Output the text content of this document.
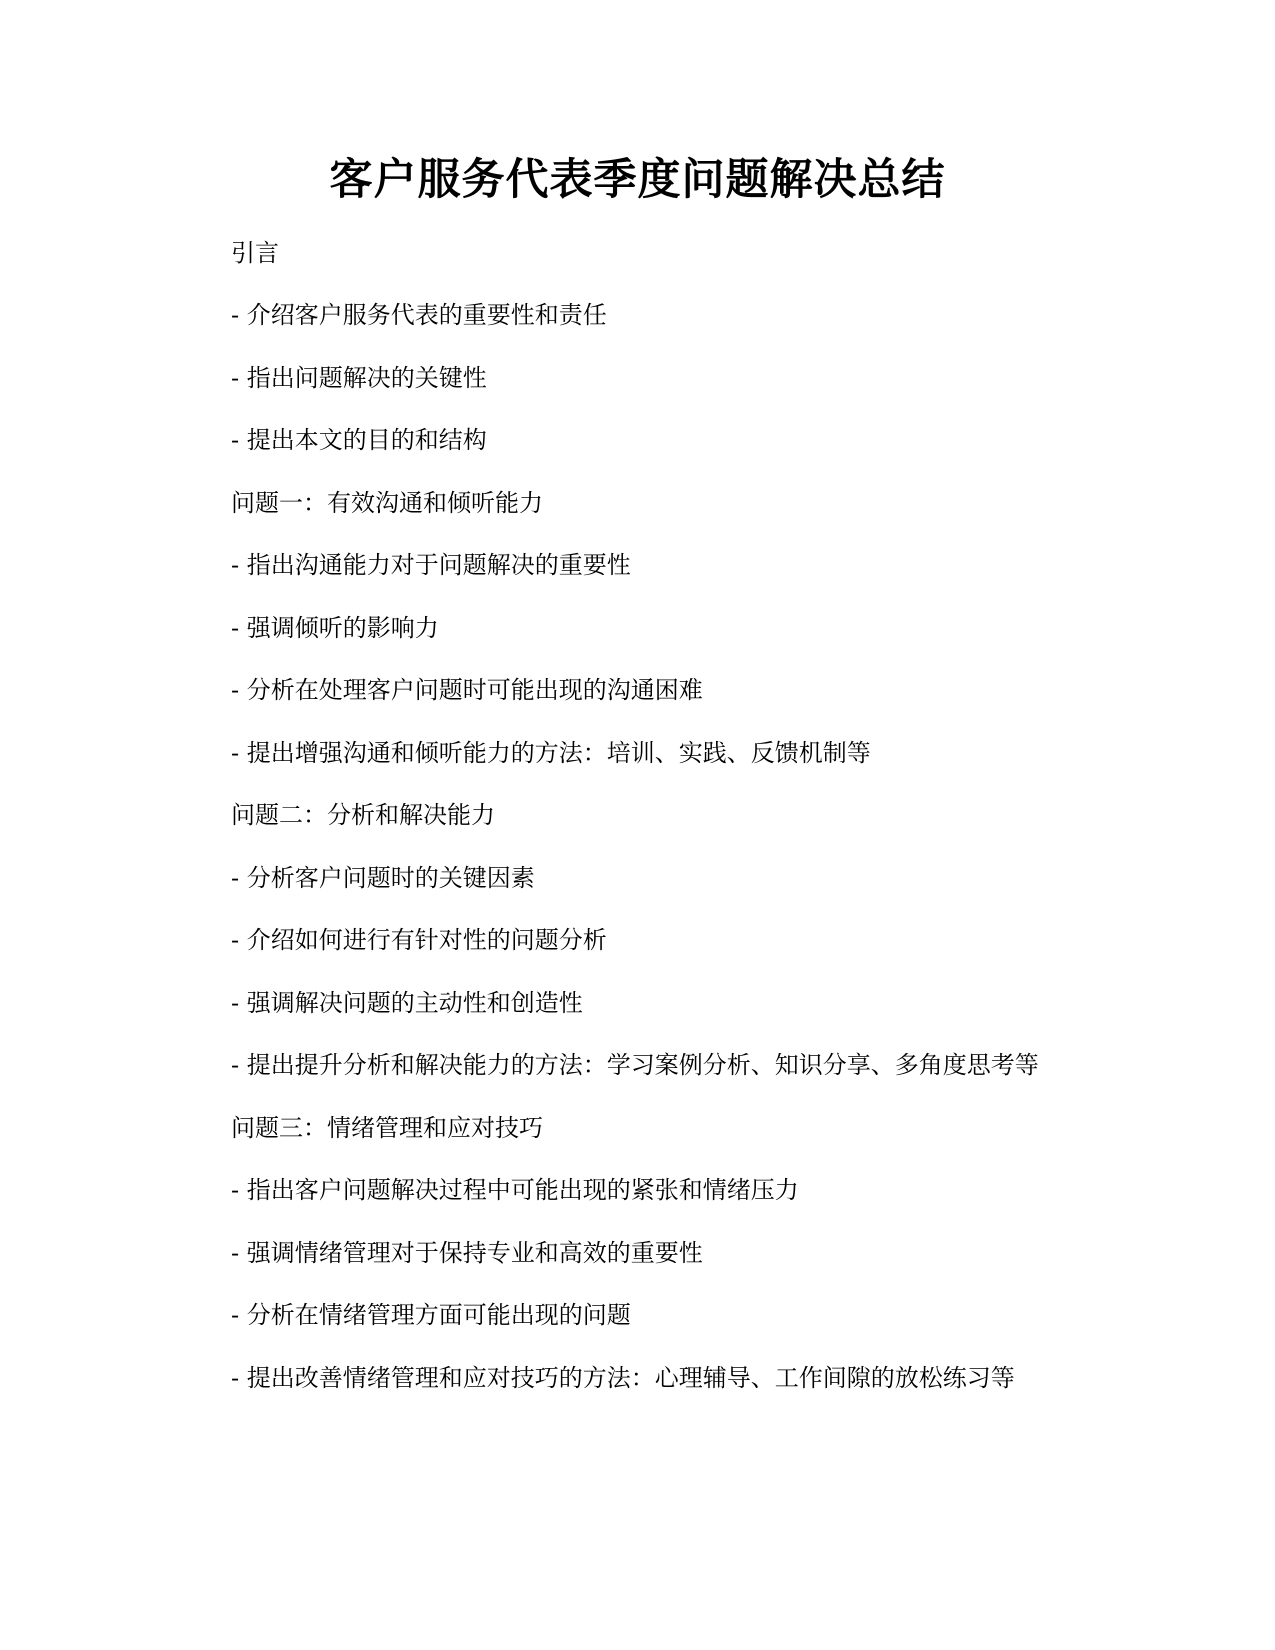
客户服务代表季度问题解决总结

引言

- 介绍客户服务代表的重要性和责任

- 指出问题解决的关键性

- 提出本文的目的和结构

问题一：有效沟通和倾听能力

- 指出沟通能力对于问题解决的重要性

- 强调倾听的影响力

- 分析在处理客户问题时可能出现的沟通困难

- 提出增强沟通和倾听能力的方法：培训、实践、反馈机制等

问题二：分析和解决能力

- 分析客户问题时的关键因素

- 介绍如何进行有针对性的问题分析

- 强调解决问题的主动性和创造性

- 提出提升分析和解决能力的方法：学习案例分析、知识分享、多角度思考等

问题三：情绪管理和应对技巧

- 指出客户问题解决过程中可能出现的紧张和情绪压力

- 强调情绪管理对于保持专业和高效的重要性

- 分析在情绪管理方面可能出现的问题

- 提出改善情绪管理和应对技巧的方法：心理辅导、工作间隙的放松练习等
